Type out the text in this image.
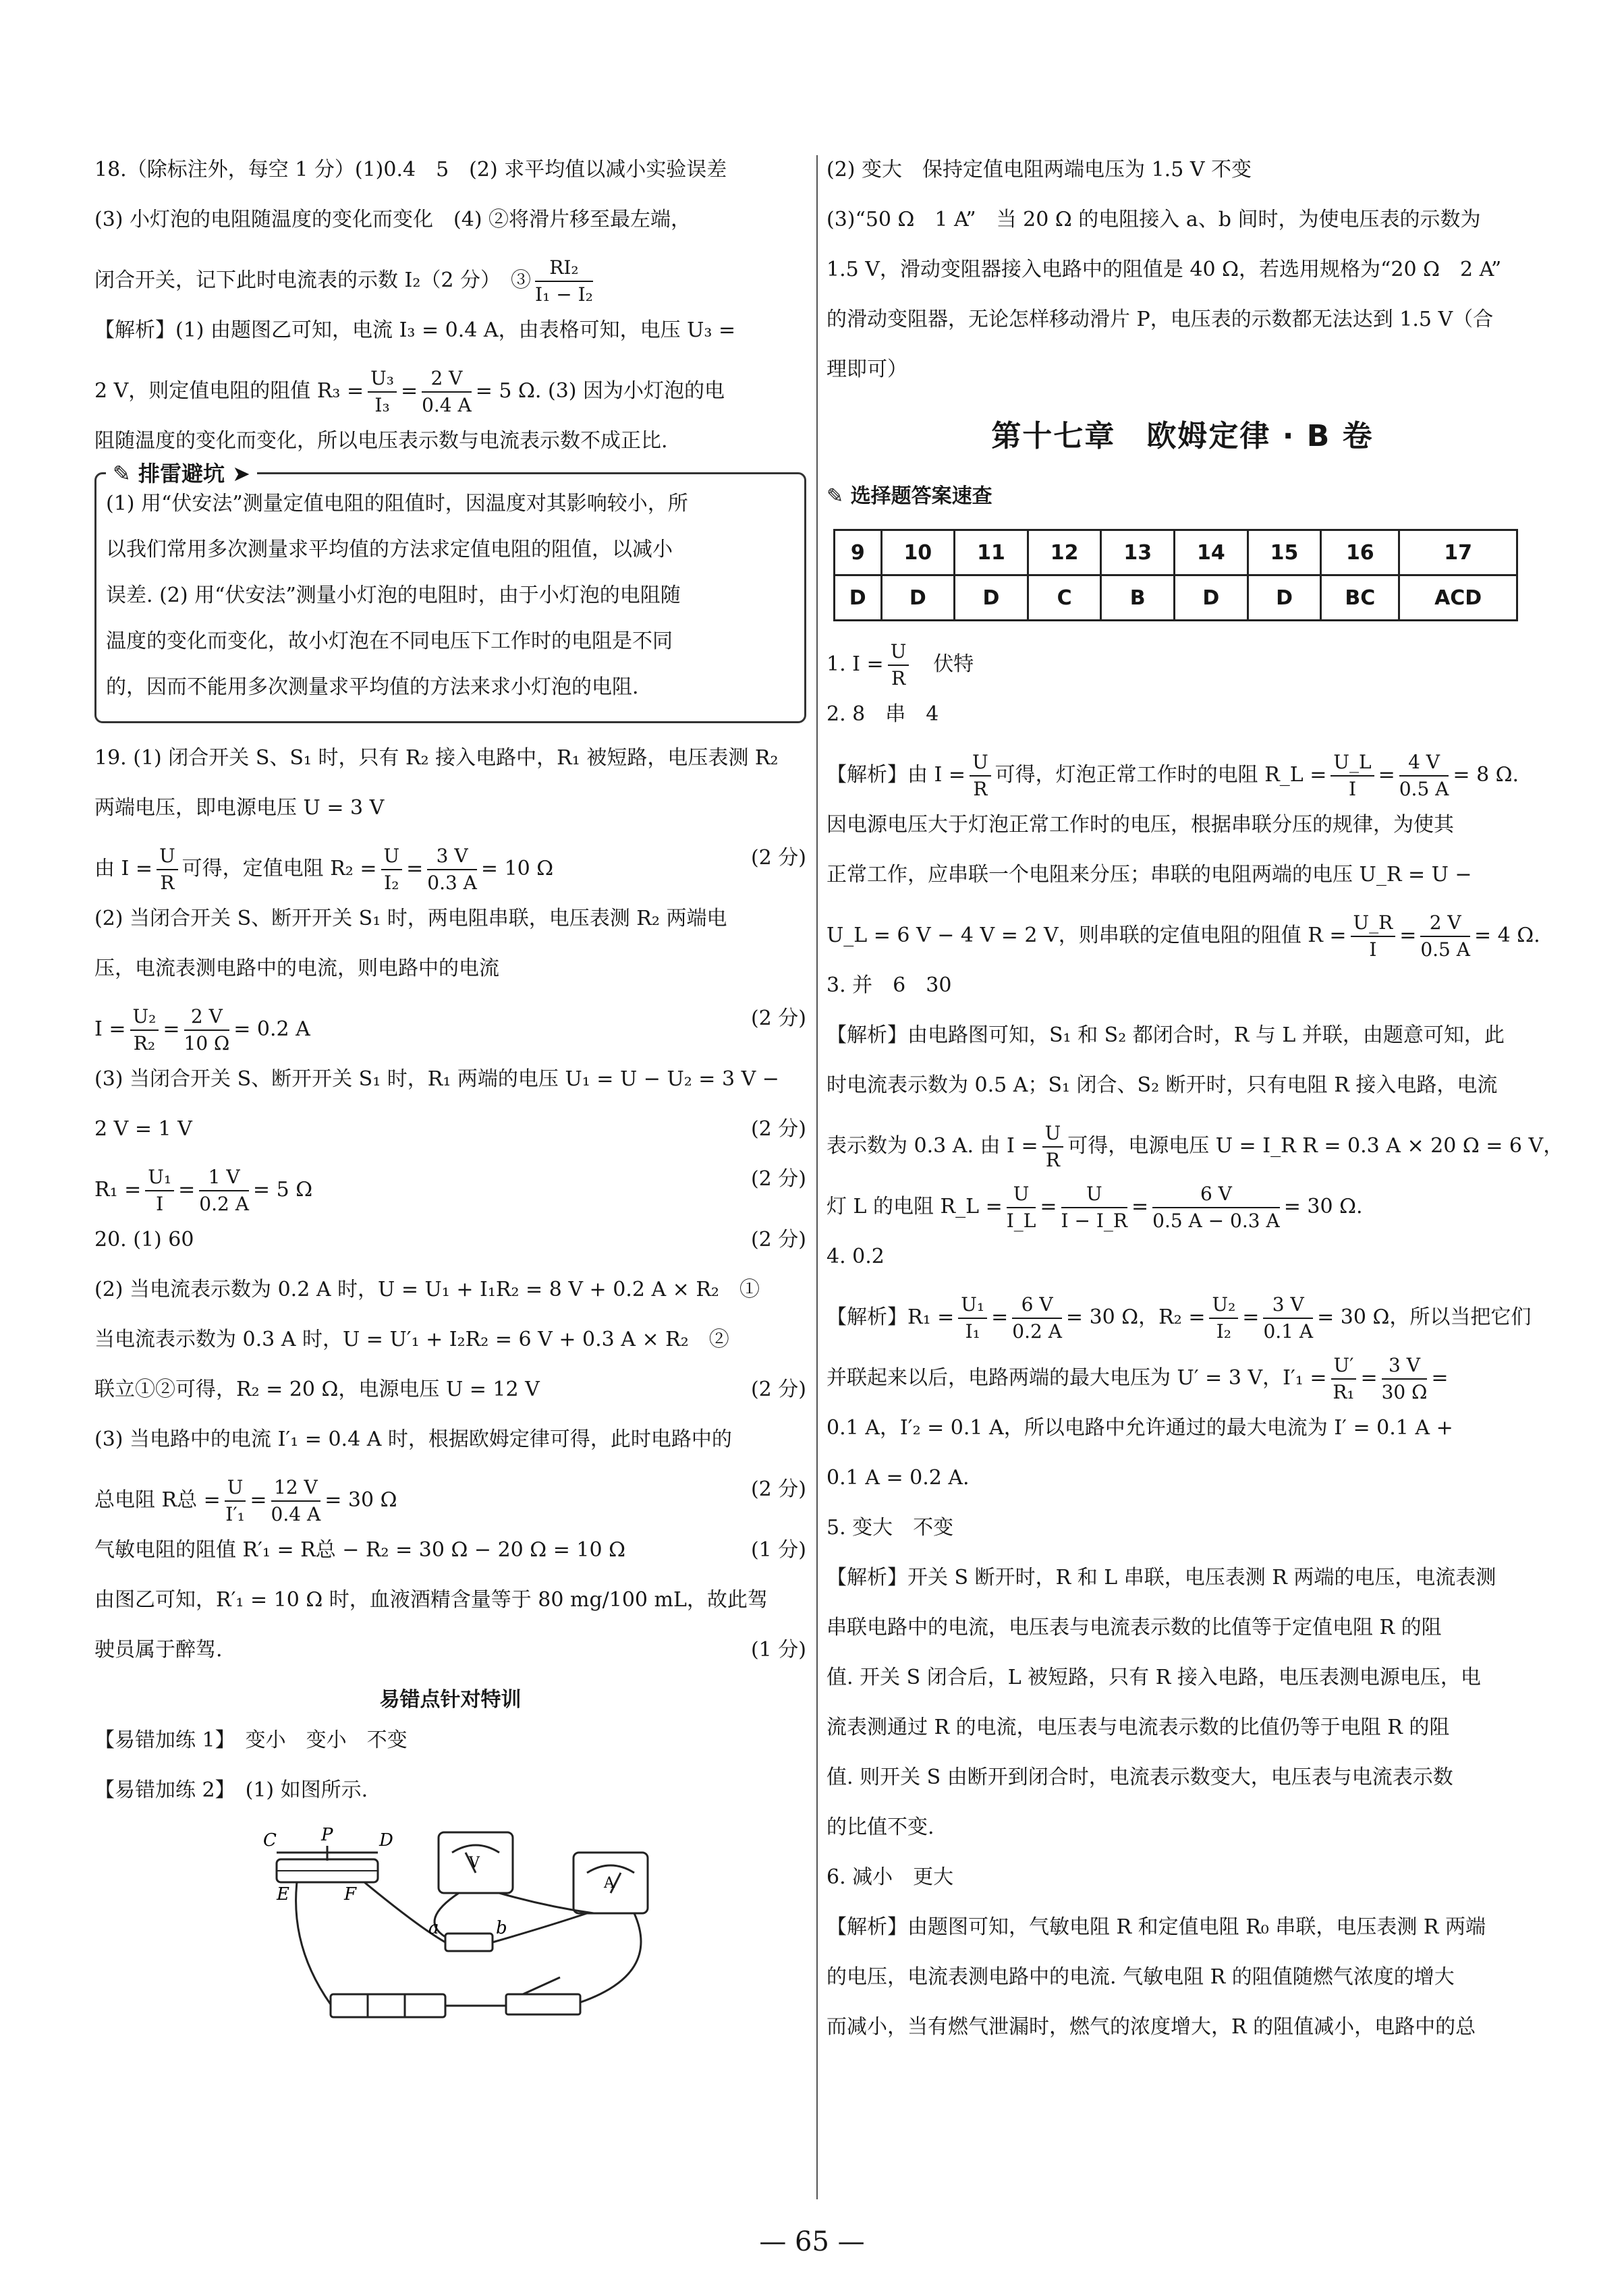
18.（除标注外，每空 1 分）(1)0.4　5　(2) 求平均值以减小实验误差
(3) 小灯泡的电阻随温度的变化而变化　(4) ②将滑片移至最左端，
闭合开关，记下此时电流表的示数 I₂（2 分）　③ $\frac{\text{RI₂}}{\text{I₁ − I₂}}$
【解析】(1) 由题图乙可知，电流 I₃ = 0.4 A，由表格可知，电压 U₃ =
2 V，则定值电阻的阻值 $R_3 = \frac{\text{U₃}}{\text{I₃}} = \frac{2 V}{0.4 A} = 5$ Ω. (3) 因为小灯泡的电
阻随温度的变化而变化，所以电压表示数与电流表示数不成正比.
✎ 排雷避坑 ➤

(1) 用“伏安法”测量定值电阻的阻值时，因温度对其影响较小，所

以我们常用多次测量求平均值的方法求定值电阻的阻值，以减小

误差. (2) 用“伏安法”测量小灯泡的电阻时，由于小灯泡的电阻随

温度的变化而变化，故小灯泡在不同电压下工作时的电阻是不同

的，因而不能用多次测量求平均值的方法来求小灯泡的电阻.

19. (1) 闭合开关 S、S₁ 时，只有 R₂ 接入电路中，R₁ 被短路，电压表测 R₂
两端电压，即电源电压 U = 3 V
由 $I = \frac{U}{R}$ 可得，定值电阻 $R_2 = \frac{U}{\text{I₂}} = \frac{3 V}{0.3 A} = 10$ Ω	(2 分)
(2) 当闭合开关 S、断开开关 S₁ 时，两电阻串联，电压表测 R₂ 两端电
压，电流表测电路中的电流，则电路中的电流
$I = \frac{\text{U₂}}{\text{R₂}} = \frac{2 V}{10 \Omega} = 0.2$ A	(2 分)
(3) 当闭合开关 S、断开开关 S₁ 时，R₁ 两端的电压 U₁ = U − U₂ = 3 V −
2 V = 1 V	(2 分)
$R_1 = \frac{\text{U₁}}{I} = \frac{1 V}{0.2 A} = 5$ Ω	(2 分)
20. (1) 60	(2 分)
(2) 当电流表示数为 0.2 A 时，U = U₁ + I₁R₂ = 8 V + 0.2 A × R₂　①
当电流表示数为 0.3 A 时，U = U′₁ + I₂R₂ = 6 V + 0.3 A × R₂　②
联立①②可得，R₂ = 20 Ω，电源电压 U = 12 V	(2 分)
(3) 当电路中的电流 I′₁ = 0.4 A 时，根据欧姆定律可得，此时电路中的
总电阻 R总 = $\frac{U}{\text{I′₁}} = \frac{12 V}{0.4 A} = 30$ Ω	(2 分)
气敏电阻的阻值 R′₁ = R总 − R₂ = 30 Ω − 20 Ω = 10 Ω	(1 分)
由图乙可知，R′₁ = 10 Ω 时，血液酒精含量等于 80 mg/100 mL，故此驾
驶员属于醉驾.	(1 分)
易错点针对特训
【易错加练 1】　变小　变小　不变
【易错加练 2】　(1) 如图所示.
C	P	D
E	F
a	b
V
A
(2) 变大　保持定值电阻两端电压为 1.5 V 不变
(3)“50 Ω　1 A”　当 20 Ω 的电阻接入 a、b 间时，为使电压表的示数为
1.5 V，滑动变阻器接入电路中的阻值是 40 Ω，若选用规格为“20 Ω　2 A”
的滑动变阻器，无论怎样移动滑片 P，电压表的示数都无法达到 1.5 V（合
理即可）
第十七章　欧姆定律 · B 卷
✎ 选择题答案速查
9	10	11	12	13	14	15	16	17
D	D	D	C	B	D	D	BC	ACD
1. $I = \frac{U}{R}$
　 伏特
2. 8　串　4
【解析】由 $I = \frac{U}{R}$ 可得，灯泡正常工作时的电阻 R_L = $\frac{U\_L}{I} = \frac{4 V}{0.5 A} = 8$ Ω.
因电源电压大于灯泡正常工作时的电压，根据串联分压的规律，为使其
正常工作，应串联一个电阻来分压；串联的电阻两端的电压 U_R = U −
U_L = 6 V − 4 V = 2 V，则串联的定值电阻的阻值 $R = \frac{U\_R}{I} = \frac{2 V}{0.5 A} = 4$ Ω.
3. 并　6　30
【解析】由电路图可知，S₁ 和 S₂ 都闭合时，R 与 L 并联，由题意可知，此
时电流表示数为 0.5 A；S₁ 闭合、S₂ 断开时，只有电阻 R 接入电路，电流
表示数为 0.3 A. 由 $I = \frac{U}{R}$ 可得，电源电压 U = I_R R = 0.3 A × 20 Ω = 6 V，
灯 L 的电阻 R_L = $\frac{U}{I\_L} = \frac{U}{I - I\_R} = \frac{6 V}{0.5 A - 0.3 A} = 30$ Ω.
4. 0.2
【解析】$R_1 = \frac{\text{U₁}}{\text{I₁}} = \frac{6 V}{0.2 A} = 30$ Ω，$R_2 = \frac{\text{U₂}}{\text{I₂}} = \frac{3 V}{0.1 A} = 30$ Ω，所以当把它们
并联起来以后，电路两端的最大电压为 U′ = 3 V，$I'_1 = \frac{U'}{\text{R₁}} = \frac{3 V}{30 \Omega}$ =
0.1 A，I′₂ = 0.1 A，所以电路中允许通过的最大电流为 I′ = 0.1 A +
0.1 A = 0.2 A.
5. 变大　不变
【解析】开关 S 断开时，R 和 L 串联，电压表测 R 两端的电压，电流表测
串联电路中的电流，电压表与电流表示数的比值等于定值电阻 R 的阻
值. 开关 S 闭合后，L 被短路，只有 R 接入电路，电压表测电源电压，电
流表测通过 R 的电流，电压表与电流表示数的比值仍等于电阻 R 的阻
值. 则开关 S 由断开到闭合时，电流表示数变大，电压表与电流表示数
的比值不变.
6. 减小　更大
【解析】由题图可知，气敏电阻 R 和定值电阻 R₀ 串联，电压表测 R 两端
的电压，电流表测电路中的电流. 气敏电阻 R 的阻值随燃气浓度的增大
而减小，当有燃气泄漏时，燃气的浓度增大，R 的阻值减小，电路中的总
— 65 —
